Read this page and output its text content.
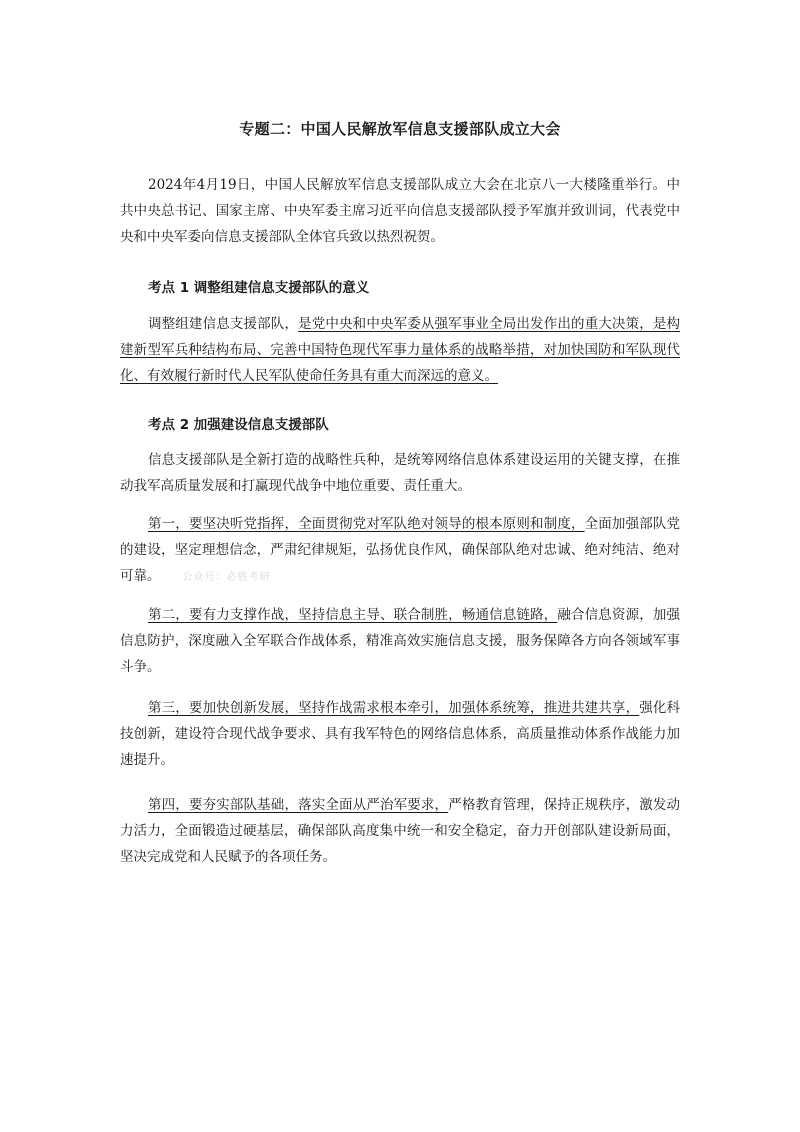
专题二：中国人民解放军信息支援部队成立大会
2024年4月19日，中国人民解放军信息支援部队成立大会在北京八一大楼隆重举行。中共中央总书记、国家主席、中央军委主席习近平向信息支援部队授予军旗并致训词，代表党中央和中央军委向信息支援部队全体官兵致以热烈祝贺。
考点 1 调整组建信息支援部队的意义
调整组建信息支援部队，是党中央和中央军委从强军事业全局出发作出的重大决策，是构建新型军兵种结构布局、完善中国特色现代军事力量体系的战略举措，对加快国防和军队现代化、有效履行新时代人民军队使命任务具有重大而深远的意义。
考点 2 加强建设信息支援部队
信息支援部队是全新打造的战略性兵种，是统筹网络信息体系建设运用的关键支撑，在推动我军高质量发展和打赢现代战争中地位重要、责任重大。
第一，要坚决听党指挥，全面贯彻党对军队绝对领导的根本原则和制度，全面加强部队党的建设，坚定理想信念，严肃纪律规矩，弘扬优良作风，确保部队绝对忠诚、绝对纯洁、绝对可靠。 公众号：必胜考研
第二，要有力支撑作战，坚持信息主导、联合制胜，畅通信息链路，融合信息资源，加强信息防护，深度融入全军联合作战体系，精准高效实施信息支援，服务保障各方向各领域军事斗争。
第三，要加快创新发展，坚持作战需求根本牵引，加强体系统筹，推进共建共享，强化科技创新，建设符合现代战争要求、具有我军特色的网络信息体系，高质量推动体系作战能力加速提升。
第四，要夯实部队基础，落实全面从严治军要求，严格教育管理，保持正规秩序，激发动力活力，全面锻造过硬基层，确保部队高度集中统一和安全稳定，奋力开创部队建设新局面，坚决完成党和人民赋予的各项任务。
